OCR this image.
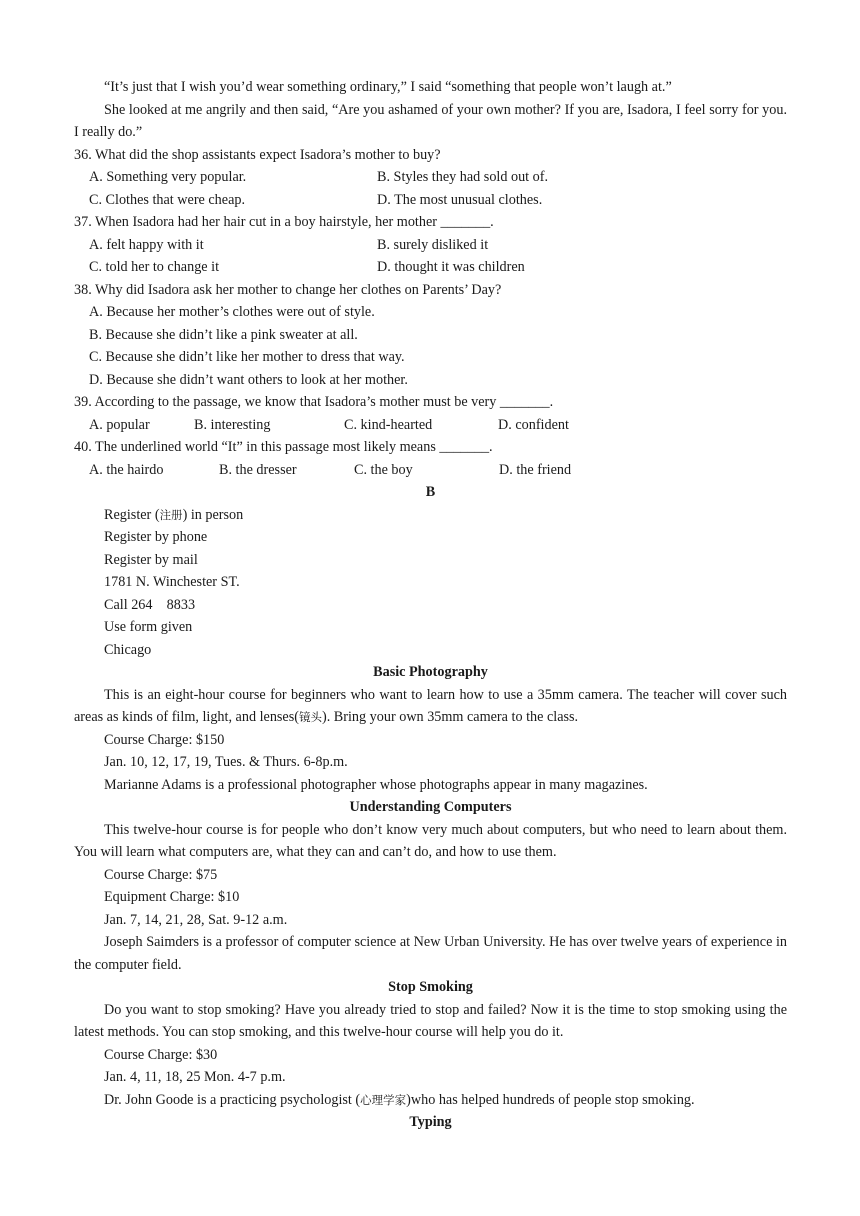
“It’s just that I wish you’d wear something ordinary,” I said “something that people won’t laugh at.”
She looked at me angrily and then said, “Are you ashamed of your own mother? If you are, Isadora, I feel sorry for you. I really do.”
36. What did the shop assistants expect Isadora’s mother to buy?
A. Something very popular.	B. Styles they had sold out of.
C. Clothes that were cheap.	D. The most unusual clothes.
37. When Isadora had her hair cut in a boy hairstyle, her mother _______.
A. felt happy with it	B. surely disliked it
C. told her to change it	D. thought it was children
38. Why did Isadora ask her mother to change her clothes on Parents’ Day?
A. Because her mother’s clothes were out of style.
B. Because she didn’t like a pink sweater at all.
C. Because she didn’t like her mother to dress that way.
D. Because she didn’t want others to look at her mother.
39. According to the passage, we know that Isadora’s mother must be very _______.
A. popular	B. interesting	C. kind-hearted	D. confident
40. The underlined world “It” in this passage most likely means _______.
A. the hairdo	B. the dresser	C. the boy	D. the friend
B
Register (注册) in person
Register by phone
Register by mail
1781 N. Winchester ST.
Call 264    8833
Use form given
Chicago
Basic Photography
This is an eight-hour course for beginners who want to learn how to use a 35mm camera. The teacher will cover such areas as kinds of film, light, and lenses(镜头). Bring your own 35mm camera to the class.
Course Charge: $150
Jan. 10, 12, 17, 19, Tues. & Thurs. 6-8p.m.
Marianne Adams is a professional photographer whose photographs appear in many magazines.
Understanding Computers
This twelve-hour course is for people who don’t know very much about computers, but who need to learn about them. You will learn what computers are, what they can and can’t do, and how to use them.
Course Charge: $75
Equipment Charge: $10
Jan. 7, 14, 21, 28, Sat. 9-12 a.m.
Joseph Saimders is a professor of computer science at New Urban University. He has over twelve years of experience in the computer field.
Stop Smoking
Do you want to stop smoking? Have you already tried to stop and failed? Now it is the time to stop smoking using the latest methods. You can stop smoking, and this twelve-hour course will help you do it.
Course Charge: $30
Jan. 4, 11, 18, 25 Mon. 4-7 p.m.
Dr. John Goode is a practicing psychologist (心理学家)who has helped hundreds of people stop smoking.
Typing
